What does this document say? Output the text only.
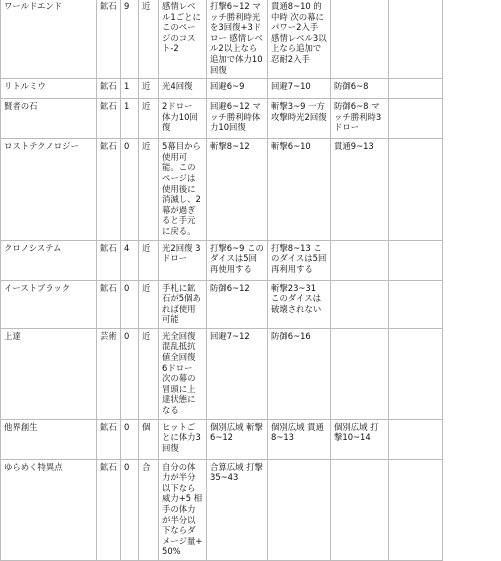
ワールドエンド	鉱石	9	近	感情レベル1ごとにこのページのコスト-2	打撃6~12 マッチ勝利時光を3回復+3ドロー 感情レベル2以上なら追加で体力10回復	貫通8~10 的中時 次の幕にパワー2入手 感情レベル3以上なら追加で忍耐2入手		
リトルミウ	鉱石	1	近	光4回復	回避6~9	回避7~10	防御6~8	
賢者の石	鉱石	1	近	2ドロー 体力10回復	回避6~12 マッチ勝利時体力10回復	斬撃3~9 一方攻撃時光2回復	防御6~8 マッチ勝利時3ドロー	
ロストテクノロジー	鉱石	0	近	5幕目から使用可能。このページは使用後に消滅し、2幕が過ぎると手元に戻る。	斬撃8~12	斬撃6~10	貫通9~13	
クロノシステム	鉱石	4	近	光2回復 3ドロー	打撃6~9 このダイスは5回再使用する	打撃8~13 このダイスは5回再利用する		
イーストブラック	鉱石	0	近	手札に鉱石が5個あれば使用可能	防御6~12	斬撃23~31 このダイスは破壊されない		
上達	芸術	0	近	光全回復 混乱抵抗値全回復 6ドロー 次の幕の冒頭に上達状態になる	回避7~12	防御6~16		
他界創生	鉱石	0	個	ヒットごとに体力3回復	個別広域 斬撃6~12	個別広域 貫通8~13	個別広域 打撃10~14	
ゆらめく特異点	鉱石	0	合	自分の体力が半分以下なら威力+5 相手の体力が半分以下ならダメージ量+50%	合算広域 打撃35~43			
